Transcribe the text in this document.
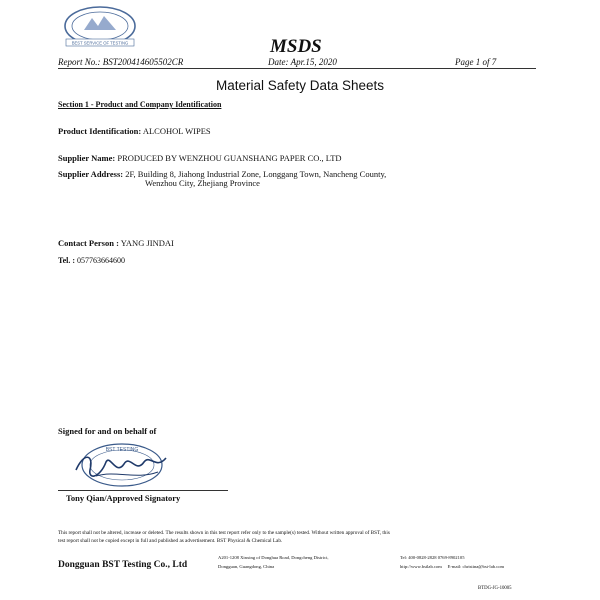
BEST SERVICE OF TESTING	MSDS
Report No.: BST200414605502CR	Date: Apr.15, 2020	Page 1 of 7
Material Safety Data Sheets
Section 1 - Product and Company Identification
Product Identification: ALCOHOL WIPES
Supplier Name: PRODUCED BY WENZHOU GUANSHANG PAPER CO., LTD
Supplier Address: 2F, Building 8, Jiahong Industrial Zone, Longgang Town, Nancheng County,
Wenzhou City, Zhejiang Province
Contact Person : YANG JINDAI
Tel. : 057763664600
Signed for and on behalf of
BST TESTING
Tony Qian/Approved Signatory
This report shall not be altered, increase or deleted. The results shown in this test report refer only to the sample(s) tested. Without written approval of BST, this
test report shall not be copied except in full and published as advertisement. BST Physical & Chemical Lab.
Dongguan BST Testing Co., Ltd
A201-1208 Xinxing of Donghua Road, Dongcheng District,
Dongguan, Guangdong, China
Tel: 400-0828-2828 0769-8902105
http://www.bstlab.com E-mail: christina@bst-lab.com
BTDG-JG-10005
